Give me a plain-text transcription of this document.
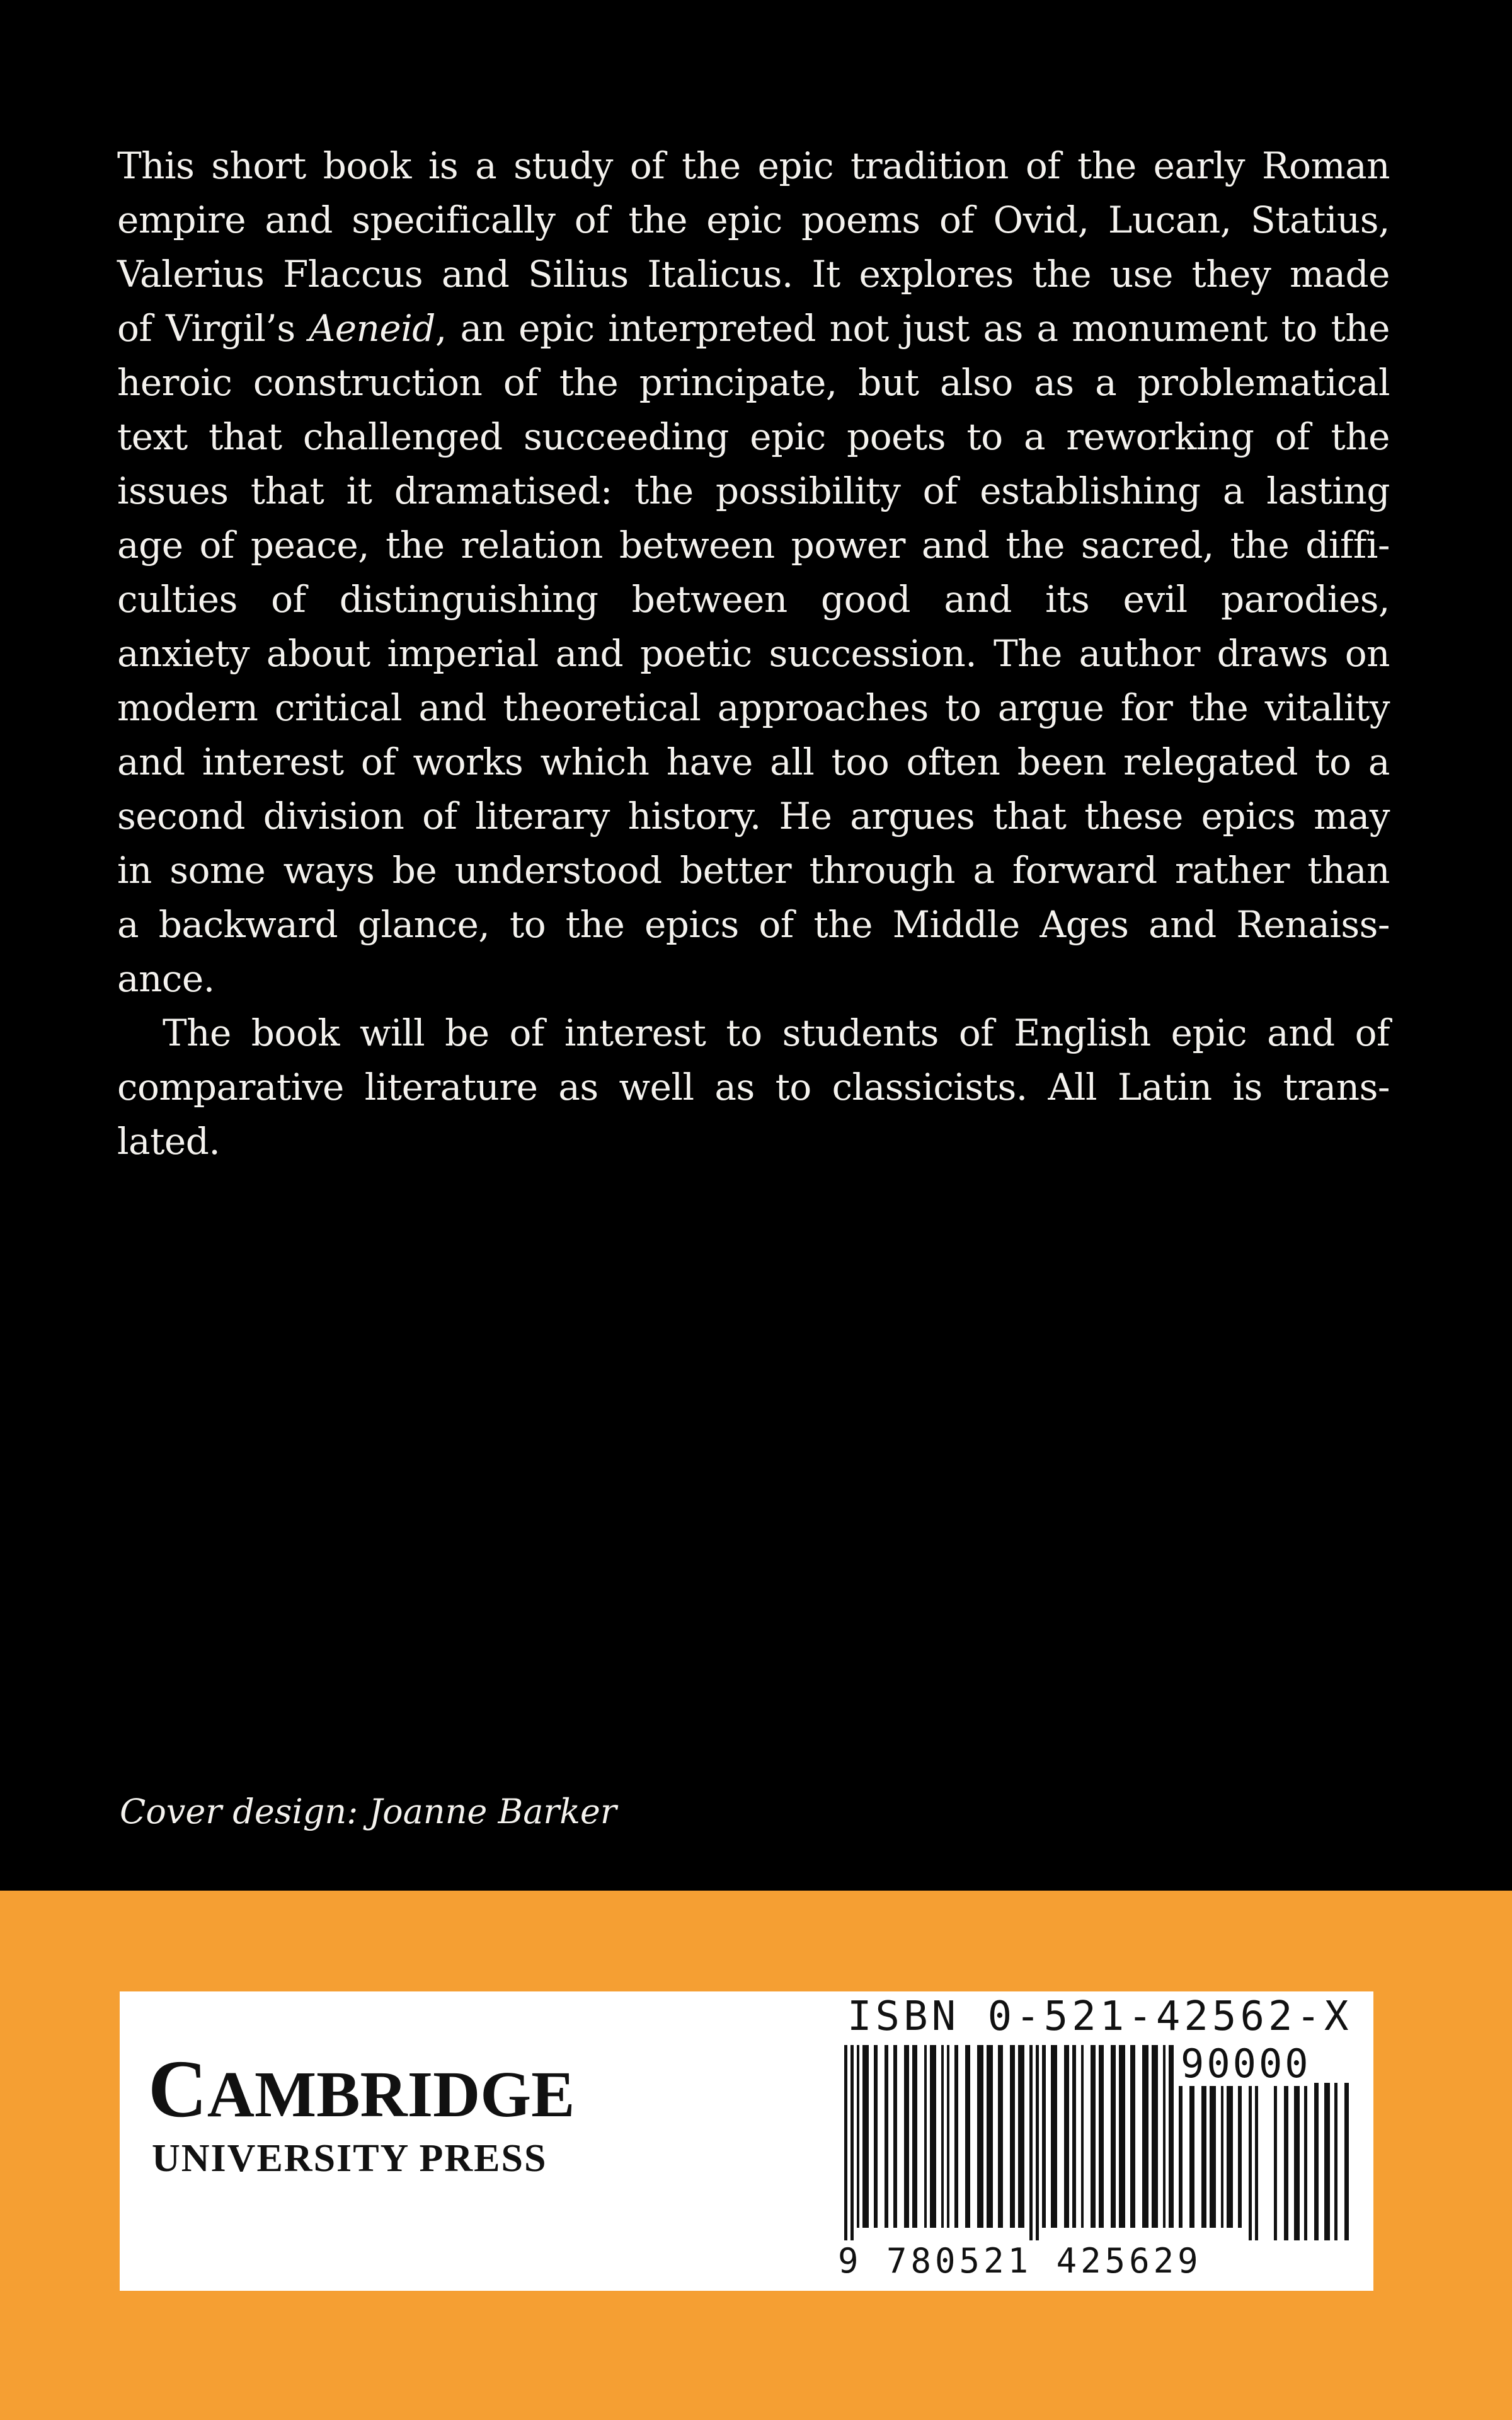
This short book is a study of the epic tradition of the early Roman
empire and specifically of the epic poems of Ovid, Lucan, Statius,
Valerius Flaccus and Silius Italicus. It explores the use they made
of Virgil’s Aeneid, an epic interpreted not just as a monument to the
heroic construction of the principate, but also as a problematical
text that challenged succeeding epic poets to a reworking of the
issues that it dramatised: the possibility of establishing a lasting
age of peace, the relation between power and the sacred, the diffi-
culties of distinguishing between good and its evil parodies,
anxiety about imperial and poetic succession. The author draws on
modern critical and theoretical approaches to argue for the vitality
and interest of works which have all too often been relegated to a
second division of literary history. He argues that these epics may
in some ways be understood better through a forward rather than
a backward glance, to the epics of the Middle Ages and Renaiss-
ance.
The book will be of interest to students of English epic and of
comparative literature as well as to classicists. All Latin is trans-
lated.
Cover design: Joanne Barker
CAMBRIDGE
UNIVERSITY PRESS
ISBN 0-521-42562-X
90000
9 780521 425629
